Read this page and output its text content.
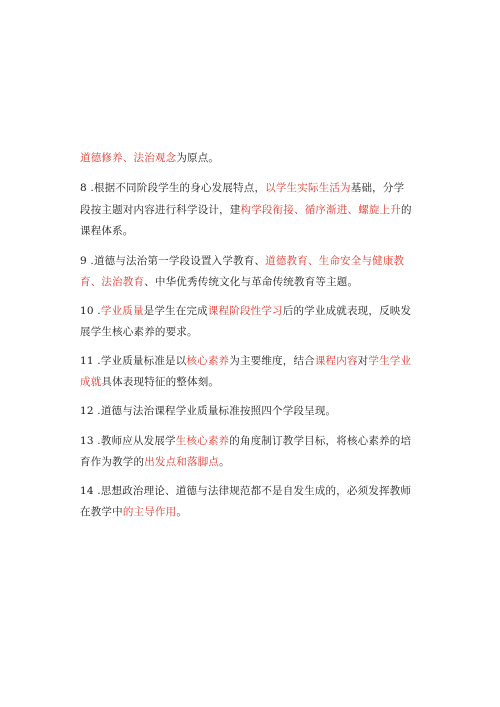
道德修养、法治观念为原点。
8 .根据不同阶段学生的身心发展特点，以学生实际生活为基础，分学
段按主题对内容进行科学设计，建构学段衔接、循序渐进、螺旋上升的
课程体系。
9 .道德与法治第一学段设置入学教育、道德教育、生命安全与健康教
育、法治教育、中华优秀传统文化与革命传统教育等主题。
10 .学业质量是学生在完成课程阶段性学习后的学业成就表现，反映发
展学生核心素养的要求。
11 .学业质量标准是以核心素养为主要维度，结合课程内容对学生学业
成就具体表现特征的整体刻。
12 .道德与法治课程学业质量标准按照四个学段呈现。
13 .教师应从发展学生核心素养的角度制订教学目标，将核心素养的培
育作为教学的出发点和落脚点。
14 .思想政治理论、道德与法律规范都不是自发生成的，必须发挥教师
在教学中的主导作用。
